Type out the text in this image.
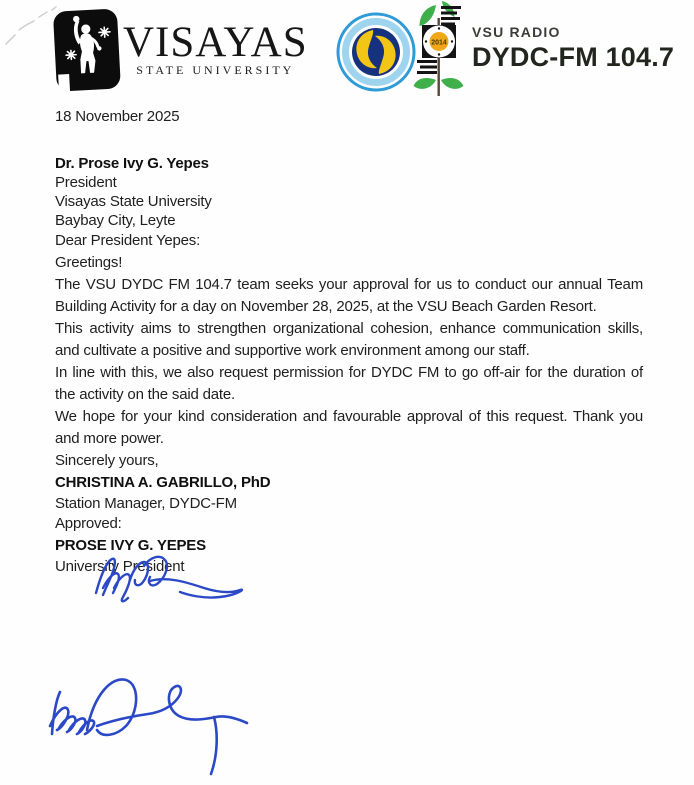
VISAYAS
STATE UNIVERSITY
2014
VSU RADIO
DYDC-FM 104.7

18 November 2025

Dr. Prose Ivy G. Yepes
President
Visayas State University
Baybay City, Leyte

Dear President Yepes:

Greetings!

The VSU DYDC FM 104.7 team seeks your approval for us to conduct our annual Team Building Activity for a day on November 28, 2025, at the VSU Beach Garden Resort.

This activity aims to strengthen organizational cohesion, enhance communication skills, and cultivate a positive and supportive work environment among our staff.

In line with this, we also request permission for DYDC FM to go off-air for the duration of the activity on the said date.

We hope for your kind consideration and favourable approval of this request. Thank you and more power.

Sincerely yours,

CHRISTINA A. GABRILLO, PhD

Station Manager, DYDC-FM

Approved:

PROSE IVY G. YEPES

University President
